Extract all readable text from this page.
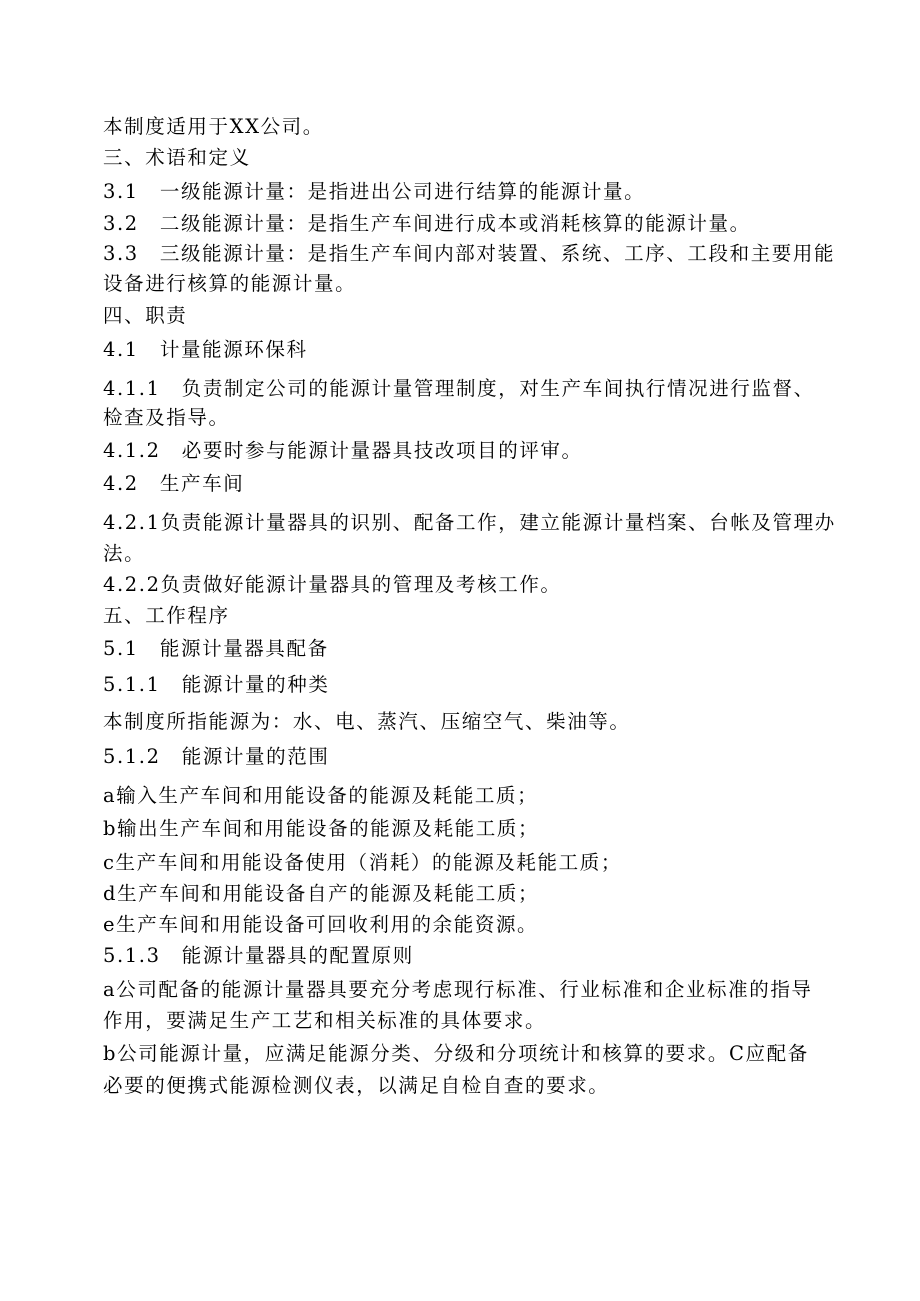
本制度适用于XX公司。
三、术语和定义
3.1　一级能源计量：是指进出公司进行结算的能源计量。
3.2　二级能源计量：是指生产车间进行成本或消耗核算的能源计量。
3.3　三级能源计量：是指生产车间内部对装置、系统、工序、工段和主要用能
设备进行核算的能源计量。
四、职责
4.1　计量能源环保科
4.1.1　负责制定公司的能源计量管理制度，对生产车间执行情况进行监督、
检查及指导。
4.1.2　必要时参与能源计量器具技改项目的评审。
4.2　生产车间
4.2.1负责能源计量器具的识别、配备工作，建立能源计量档案、台帐及管理办
法。
4.2.2负责做好能源计量器具的管理及考核工作。
五、工作程序
5.1　能源计量器具配备
5.1.1　能源计量的种类
本制度所指能源为：水、电、蒸汽、压缩空气、柴油等。
5.1.2　能源计量的范围
a输入生产车间和用能设备的能源及耗能工质；
b输出生产车间和用能设备的能源及耗能工质；
c生产车间和用能设备使用（消耗）的能源及耗能工质；
d生产车间和用能设备自产的能源及耗能工质；
e生产车间和用能设备可回收利用的余能资源。
5.1.3　能源计量器具的配置原则
a公司配备的能源计量器具要充分考虑现行标准、行业标准和企业标准的指导
作用，要满足生产工艺和相关标准的具体要求。
b公司能源计量，应满足能源分类、分级和分项统计和核算的要求。C应配备
必要的便携式能源检测仪表，以满足自检自查的要求。
